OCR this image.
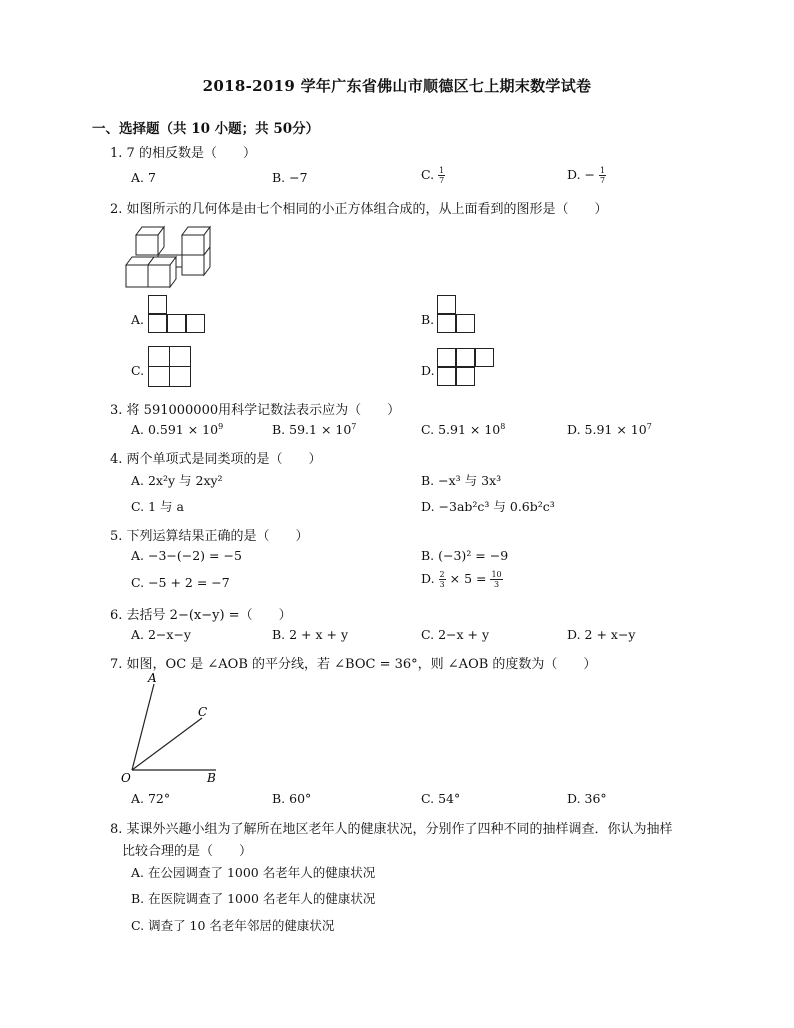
2018-2019 学年广东省佛山市顺德区七上期末数学试卷
一、选择题（共 10 小题；共 50分）
1. 7 的相反数是（　　）
A. 7	B. −7	C. $\frac{1}{7}$	D. − $\frac{1}{7}$
2. 如图所示的几何体是由七个相同的小正方体组合成的，从上面看到的图形是（　　）
A.	B.
C.	D.
3. 将 591000000用科学记数法表示应为（　　）
A. $0.591 \times 10^9$	B. $59.1 \times 10^7$	C. $5.91 \times 10^8$	D. $5.91 \times 10^7$
4. 两个单项式是同类项的是（　　）
A. 2x²y 与 2xy²	B. −x³ 与 3x³
C. 1 与 a	D. −3ab²c³ 与 0.6b²c³
5. 下列运算结果正确的是（　　）
A. −3−(−2) = −5	B. (−3)² = −9
C. −5 + 2 = −7	D. $\frac{2}{3} \times 5 = \frac{10}{3}$
6. 去括号 2−(x−y) =（　　）
A. 2−x−y	B. 2 + x + y	C. 2−x + y	D. 2 + x−y
7. 如图，OC 是 ∠AOB 的平分线，若 ∠BOC = 36°，则 ∠AOB 的度数为（　　）
A
C
O	B
A. 72°	B. 60°	C. 54°	D. 36°
8. 某课外兴趣小组为了解所在地区老年人的健康状况，分别作了四种不同的抽样调查．你认为抽样
比较合理的是（　　）
A. 在公园调查了 1000 名老年人的健康状况
B. 在医院调查了 1000 名老年人的健康状况
C. 调查了 10 名老年邻居的健康状况
